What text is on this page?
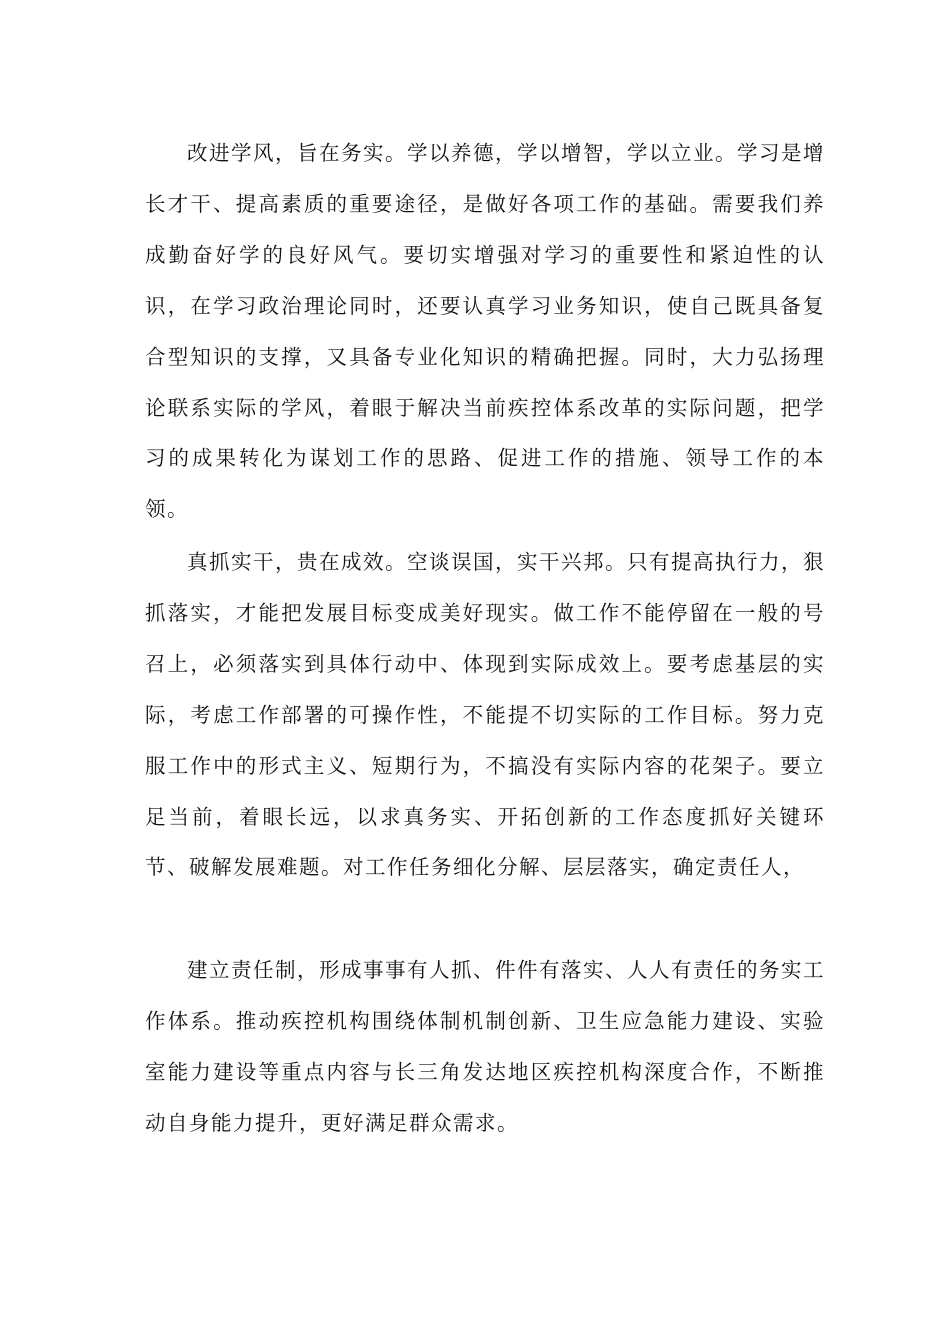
改进学风，旨在务实。学以养德，学以增智，学以立业。学习是增长才干、提高素质的重要途径，是做好各项工作的基础。需要我们养成勤奋好学的良好风气。要切实增强对学习的重要性和紧迫性的认识，在学习政治理论同时，还要认真学习业务知识，使自己既具备复合型知识的支撑，又具备专业化知识的精确把握。同时，大力弘扬理论联系实际的学风，着眼于解决当前疾控体系改革的实际问题，把学习的成果转化为谋划工作的思路、促进工作的措施、领导工作的本领。

真抓实干，贵在成效。空谈误国，实干兴邦。只有提高执行力，狠抓落实，才能把发展目标变成美好现实。做工作不能停留在一般的号召上，必须落实到具体行动中、体现到实际成效上。要考虑基层的实际，考虑工作部署的可操作性，不能提不切实际的工作目标。努力克服工作中的形式主义、短期行为，不搞没有实际内容的花架子。要立足当前，着眼长远，以求真务实、开拓创新的工作态度抓好关键环节、破解发展难题。对工作任务细化分解、层层落实，确定责任人，

建立责任制，形成事事有人抓、件件有落实、人人有责任的务实工作体系。推动疾控机构围绕体制机制创新、卫生应急能力建设、实验室能力建设等重点内容与长三角发达地区疾控机构深度合作，不断推动自身能力提升，更好满足群众需求。
